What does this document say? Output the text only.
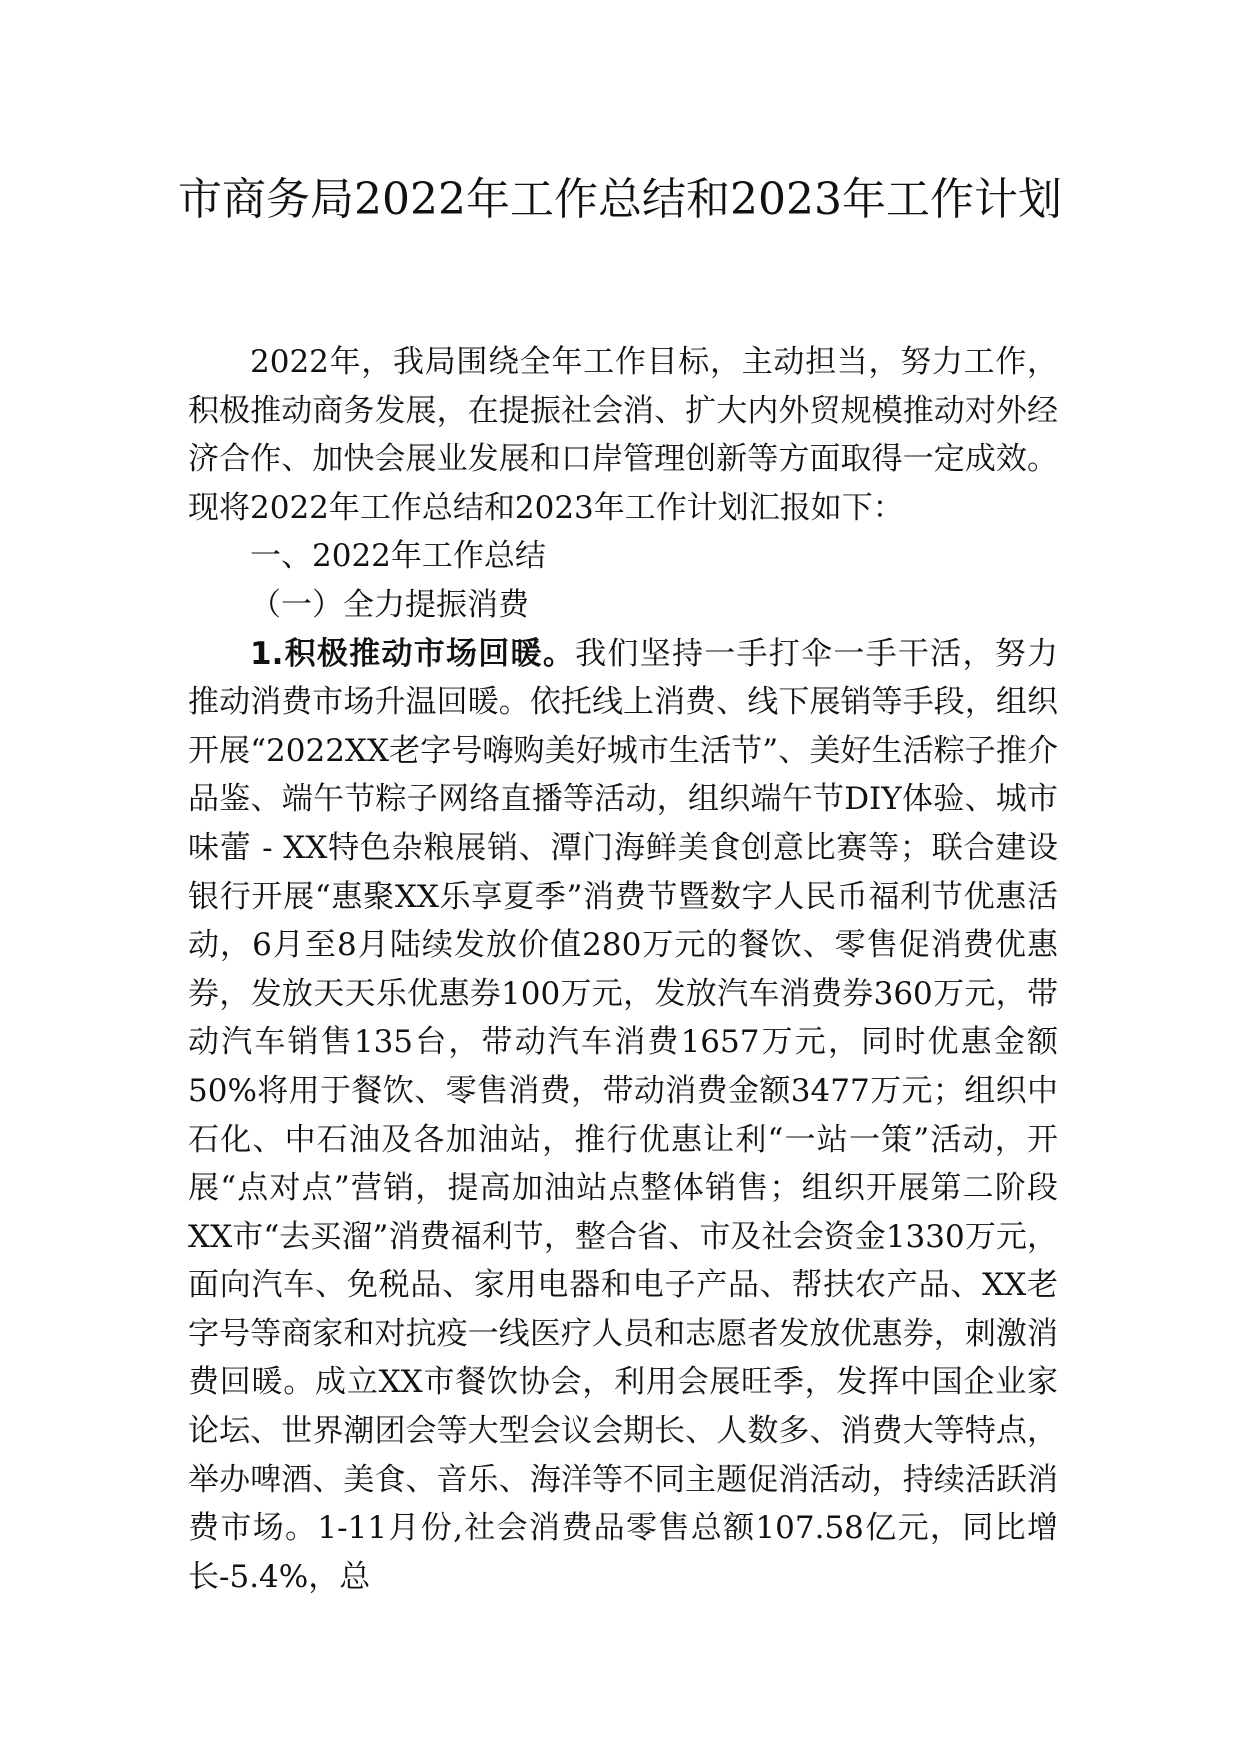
市商务局2022年工作总结和2023年工作计划

2022年，我局围绕全年工作目标，主动担当，努力工作，积极推动商务发展，在提振社会消、扩大内外贸规模推动对外经济合作、加快会展业发展和口岸管理创新等方面取得一定成效。现将2022年工作总结和2023年工作计划汇报如下：

一、2022年工作总结

（一）全力提振消费

1.积极推动市场回暖。我们坚持一手打伞一手干活，努力推动消费市场升温回暖。依托线上消费、线下展销等手段，组织开展“2022XX老字号嗨购美好城市生活节”、美好生活粽子推介品鉴、端午节粽子网络直播等活动，组织端午节DIY体验、城市味蕾 - XX特色杂粮展销、潭门海鲜美食创意比赛等；联合建设银行开展“惠聚XX乐享夏季”消费节暨数字人民币福利节优惠活动，6月至8月陆续发放价值280万元的餐饮、零售促消费优惠券，发放天天乐优惠券100万元，发放汽车消费券360万元，带动汽车销售135台，带动汽车消费1657万元，同时优惠金额50%将用于餐饮、零售消费，带动消费金额3477万元；组织中石化、中石油及各加油站，推行优惠让利“一站一策”活动，开展“点对点”营销，提高加油站点整体销售；组织开展第二阶段XX市“去买溜”消费福利节，整合省、市及社会资金1330万元，面向汽车、免税品、家用电器和电子产品、帮扶农产品、XX老字号等商家和对抗疫一线医疗人员和志愿者发放优惠券，刺激消费回暖。成立XX市餐饮协会，利用会展旺季，发挥中国企业家论坛、世界潮团会等大型会议会期长、人数多、消费大等特点，举办啤酒、美食、音乐、海洋等不同主题促消活动，持续活跃消费市场。1-11月份,社会消费品零售总额107.58亿元，同比增长-5.4%，总
